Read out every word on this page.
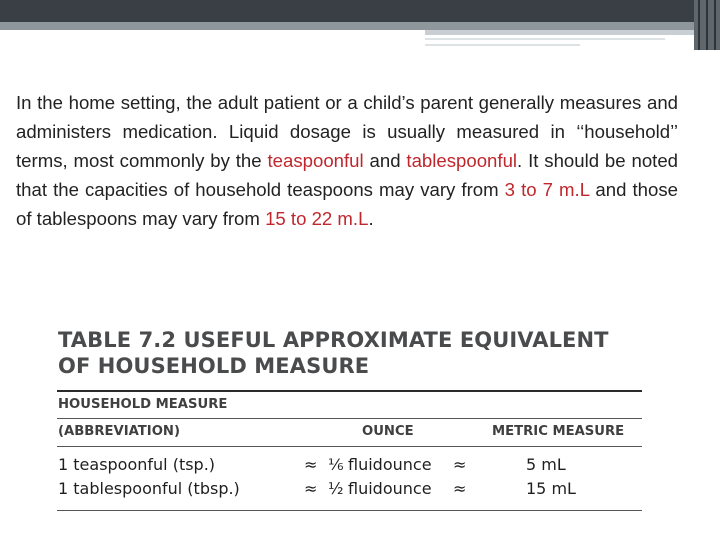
In the home setting, the adult patient or a child’s parent generally measures and administers medication. Liquid dosage is usually measured in ‘‘household’’ terms, most commonly by the teaspoonful and tablespoonful. It should be noted that the capacities of household teaspoons may vary from 3 to 7 m.L and those of tablespoons may vary from 15 to 22 m.L.

TABLE 7.2 USEFUL APPROXIMATE EQUIVALENT
OF HOUSEHOLD MEASURE
HOUSEHOLD MEASURE
(ABBREVIATION)	OUNCE	METRIC MEASURE
1 teaspoonful (tsp.)	≈ ⅙ fluidounce ≈	5 mL
1 tablespoonful (tbsp.)	≈ ½ fluidounce ≈	15 mL
